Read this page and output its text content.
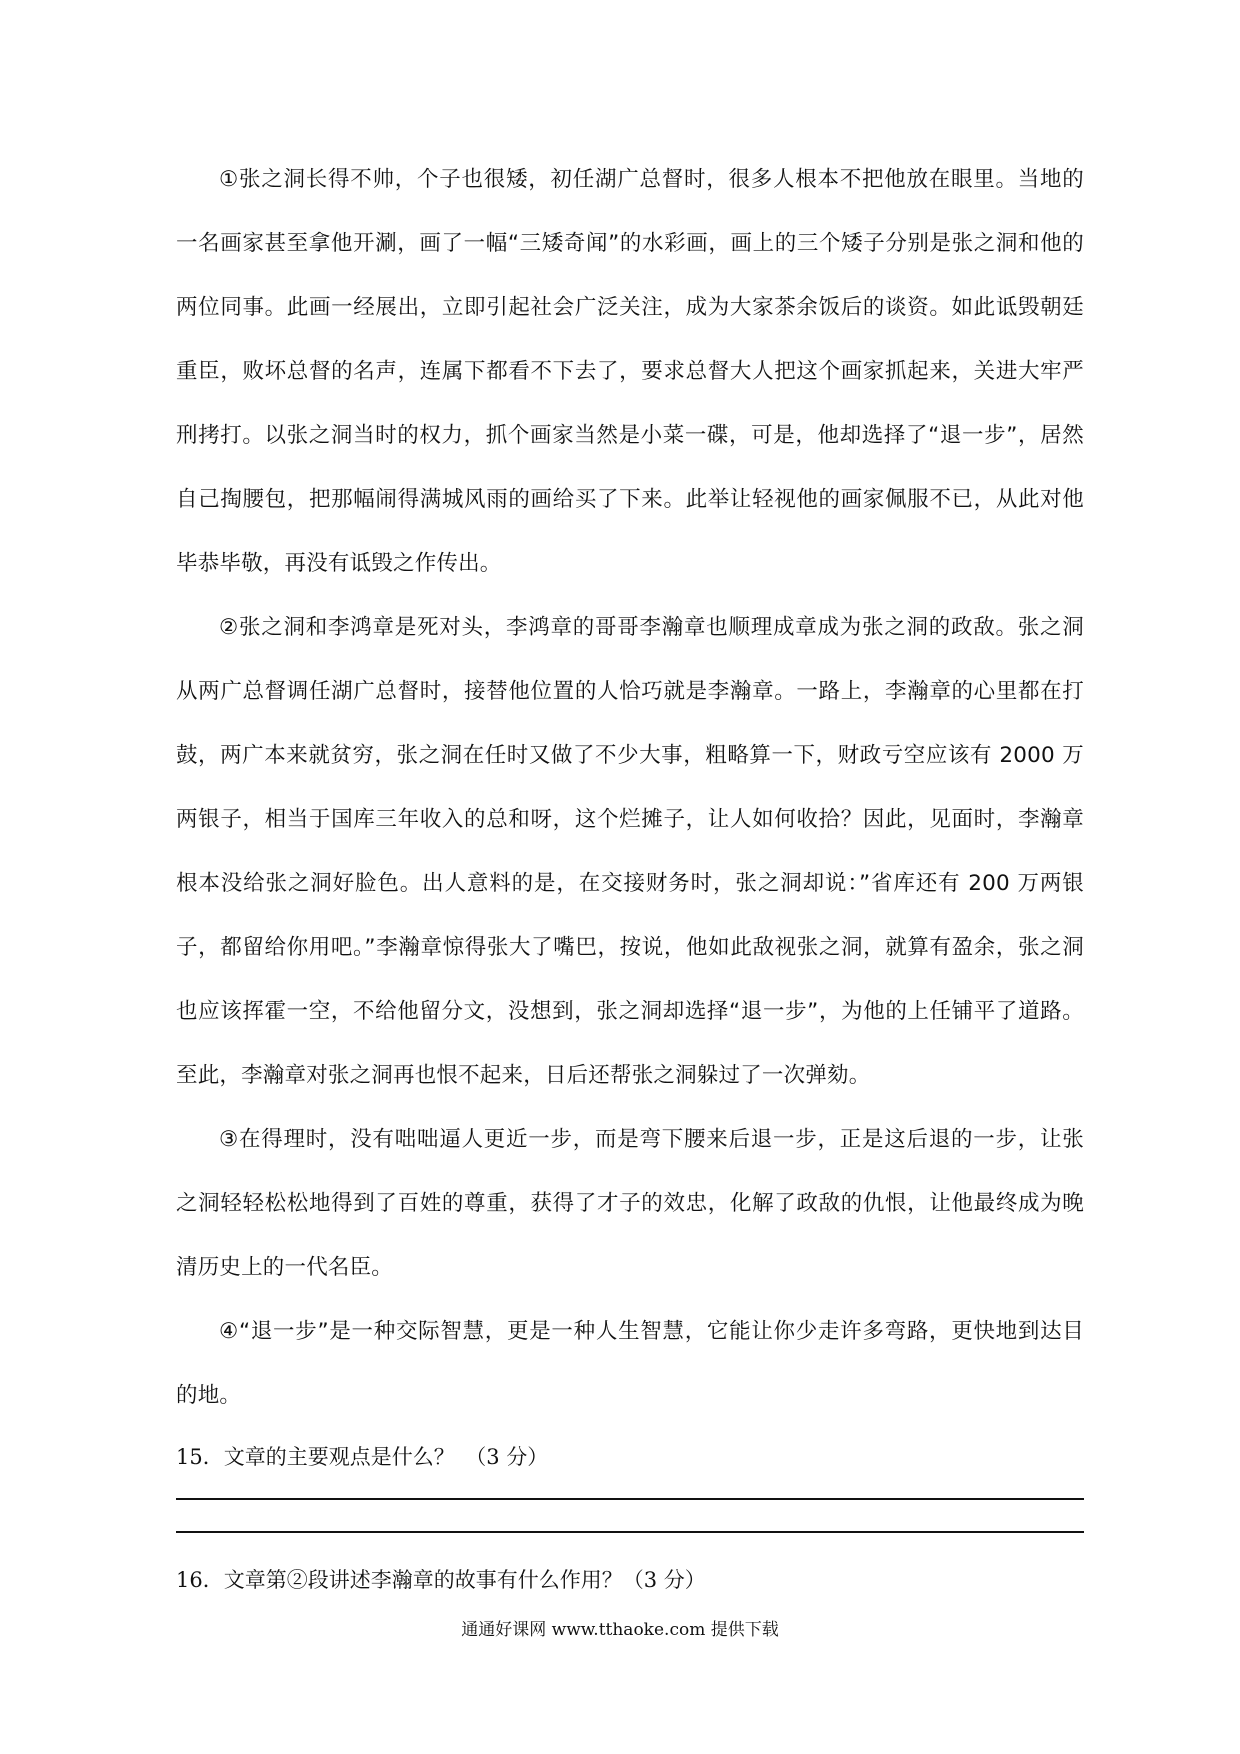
①张之洞长得不帅，个子也很矮，初任湖广总督时，很多人根本不把他放在眼里。当地的一名画家甚至拿他开涮，画了一幅“三矮奇闻”的水彩画，画上的三个矮子分别是张之洞和他的两位同事。此画一经展出，立即引起社会广泛关注，成为大家茶余饭后的谈资。如此诋毁朝廷重臣，败坏总督的名声，连属下都看不下去了，要求总督大人把这个画家抓起来，关进大牢严刑拷打。以张之洞当时的权力，抓个画家当然是小菜一碟，可是，他却选择了“退一步”，居然自己掏腰包，把那幅闹得满城风雨的画给买了下来。此举让轻视他的画家佩服不已，从此对他毕恭毕敬，再没有诋毁之作传出。

②张之洞和李鸿章是死对头，李鸿章的哥哥李瀚章也顺理成章成为张之洞的政敌。张之洞从两广总督调任湖广总督时，接替他位置的人恰巧就是李瀚章。一路上，李瀚章的心里都在打鼓，两广本来就贫穷，张之洞在任时又做了不少大事，粗略算一下，财政亏空应该有 2000 万两银子，相当于国库三年收入的总和呀，这个烂摊子，让人如何收拾？因此，见面时，李瀚章根本没给张之洞好脸色。出人意料的是，在交接财务时，张之洞却说：”省库还有 200 万两银子，都留给你用吧。”李瀚章惊得张大了嘴巴，按说，他如此敌视张之洞，就算有盈余，张之洞也应该挥霍一空，不给他留分文，没想到，张之洞却选择“退一步”，为他的上任铺平了道路。至此，李瀚章对张之洞再也恨不起来，日后还帮张之洞躲过了一次弹劾。

③在得理时，没有咄咄逼人更近一步，而是弯下腰来后退一步，正是这后退的一步，让张之洞轻轻松松地得到了百姓的尊重，获得了才子的效忠，化解了政敌的仇恨，让他最终成为晚清历史上的一代名臣。

④“退一步”是一种交际智慧，更是一种人生智慧，它能让你少走许多弯路，更快地到达目的地。

15．文章的主要观点是什么？　（3 分）

16．文章第②段讲述李瀚章的故事有什么作用？（3 分）

通通好课网 www.tthaoke.com 提供下载
